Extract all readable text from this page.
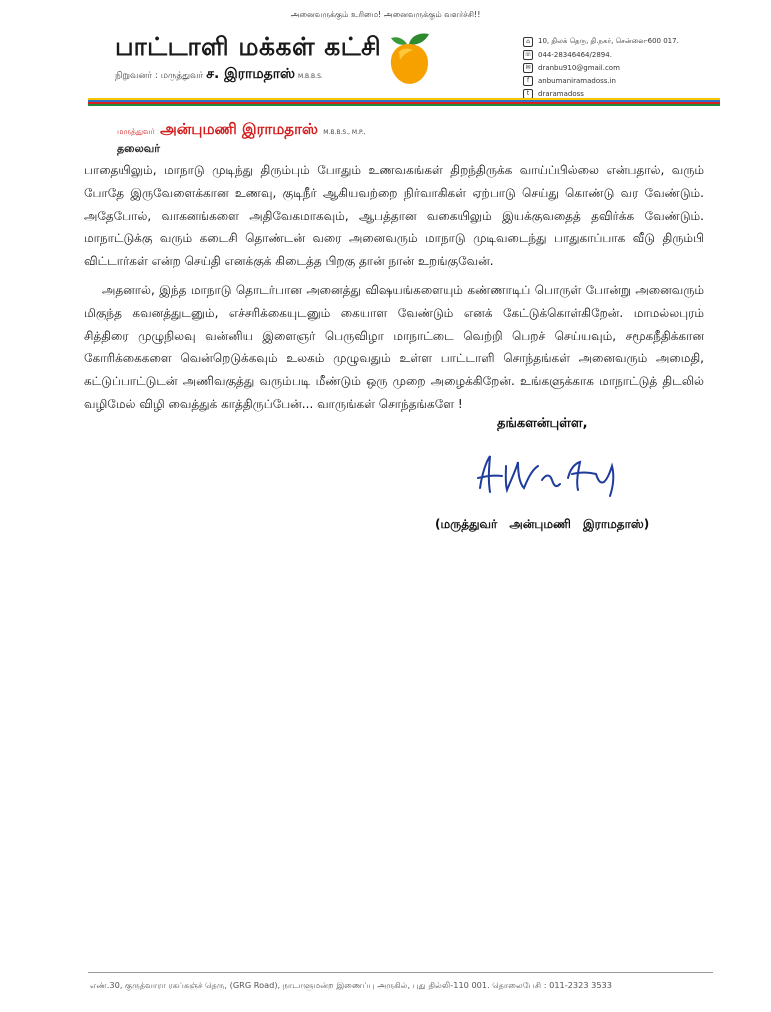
அனைவருக்கும் உரிமை! அனைவருக்கும் வளர்ச்சி!!
பாட்டாளி மக்கள் கட்சி
நிறுவனர் : மருத்துவர் ச. இராமதாஸ் M.B.B.S.
⌂	10, திலக் தெரு, தி.நகர், சென்னை-600 017.
☏ 044-28346464/2894.
✉	dranbu910@gmail.com
f	anbumaniramadoss.in
t	draramadoss
மருத்துவர் அன்புமணி இராமதாஸ் M.B.B.S., M.P.,
தலைவர்

பாதையிலும், மாநாடு முடிந்து திரும்பும் போதும் உணவகங்கள் திறந்திருக்க வாய்ப்பில்லை என்பதால், வரும் போதே இருவேளைக்கான உணவு, குடிநீர் ஆகியவற்றை நிர்வாகிகள் ஏற்பாடு செய்து கொண்டு வர வேண்டும். அதேபோல், வாகனங்களை அதிவேகமாகவும், ஆபத்தான வகையிலும் இயக்குவதைத் தவிர்க்க வேண்டும். மாநாட்டுக்கு வரும் கடைசி தொண்டன் வரை அனைவரும் மாநாடு முடிவடைந்து பாதுகாப்பாக வீடு திரும்பி விட்டார்கள் என்ற செய்தி எனக்குக் கிடைத்த பிறகு தான் நான் உறங்குவேன்.

அதனால், இந்த மாநாடு தொடர்பான அனைத்து விஷயங்களையும் கண்ணாடிப் பொருள் போன்று அனைவரும் மிகுந்த கவனத்துடனும், எச்சரிக்கையுடனும் கையாள வேண்டும் எனக் கேட்டுக்கொள்கிறேன். மாமல்லபுரம் சித்திரை முழுநிலவு வன்னிய இளைஞர் பெருவிழா மாநாட்டை வெற்றி பெறச் செய்யவும், சமூகநீதிக்கான கோரிக்கைகளை வென்றெடுக்கவும் உலகம் முழுவதும் உள்ள பாட்டாளி சொந்தங்கள் அனைவரும் அமைதி, கட்டுப்பாட்டுடன் அணிவகுத்து வரும்படி மீண்டும் ஒரு முறை அழைக்கிறேன். உங்களுக்காக மாநாட்டுத் திடலில் வழிமேல் விழி வைத்துக் காத்திருப்பேன்... வாருங்கள் சொந்தங்களே !

தங்களன்புள்ள,
(மருத்துவர் அன்புமணி இராமதாஸ்)
எண்.30, குருத்வாரா ரகப்கஞ்ச் தெரு, (GRG Road), நாடாளுமன்ற இணைப்பு அருகில், புது தில்லி-110 001. தொலைபேசி : 011-2323 3533
